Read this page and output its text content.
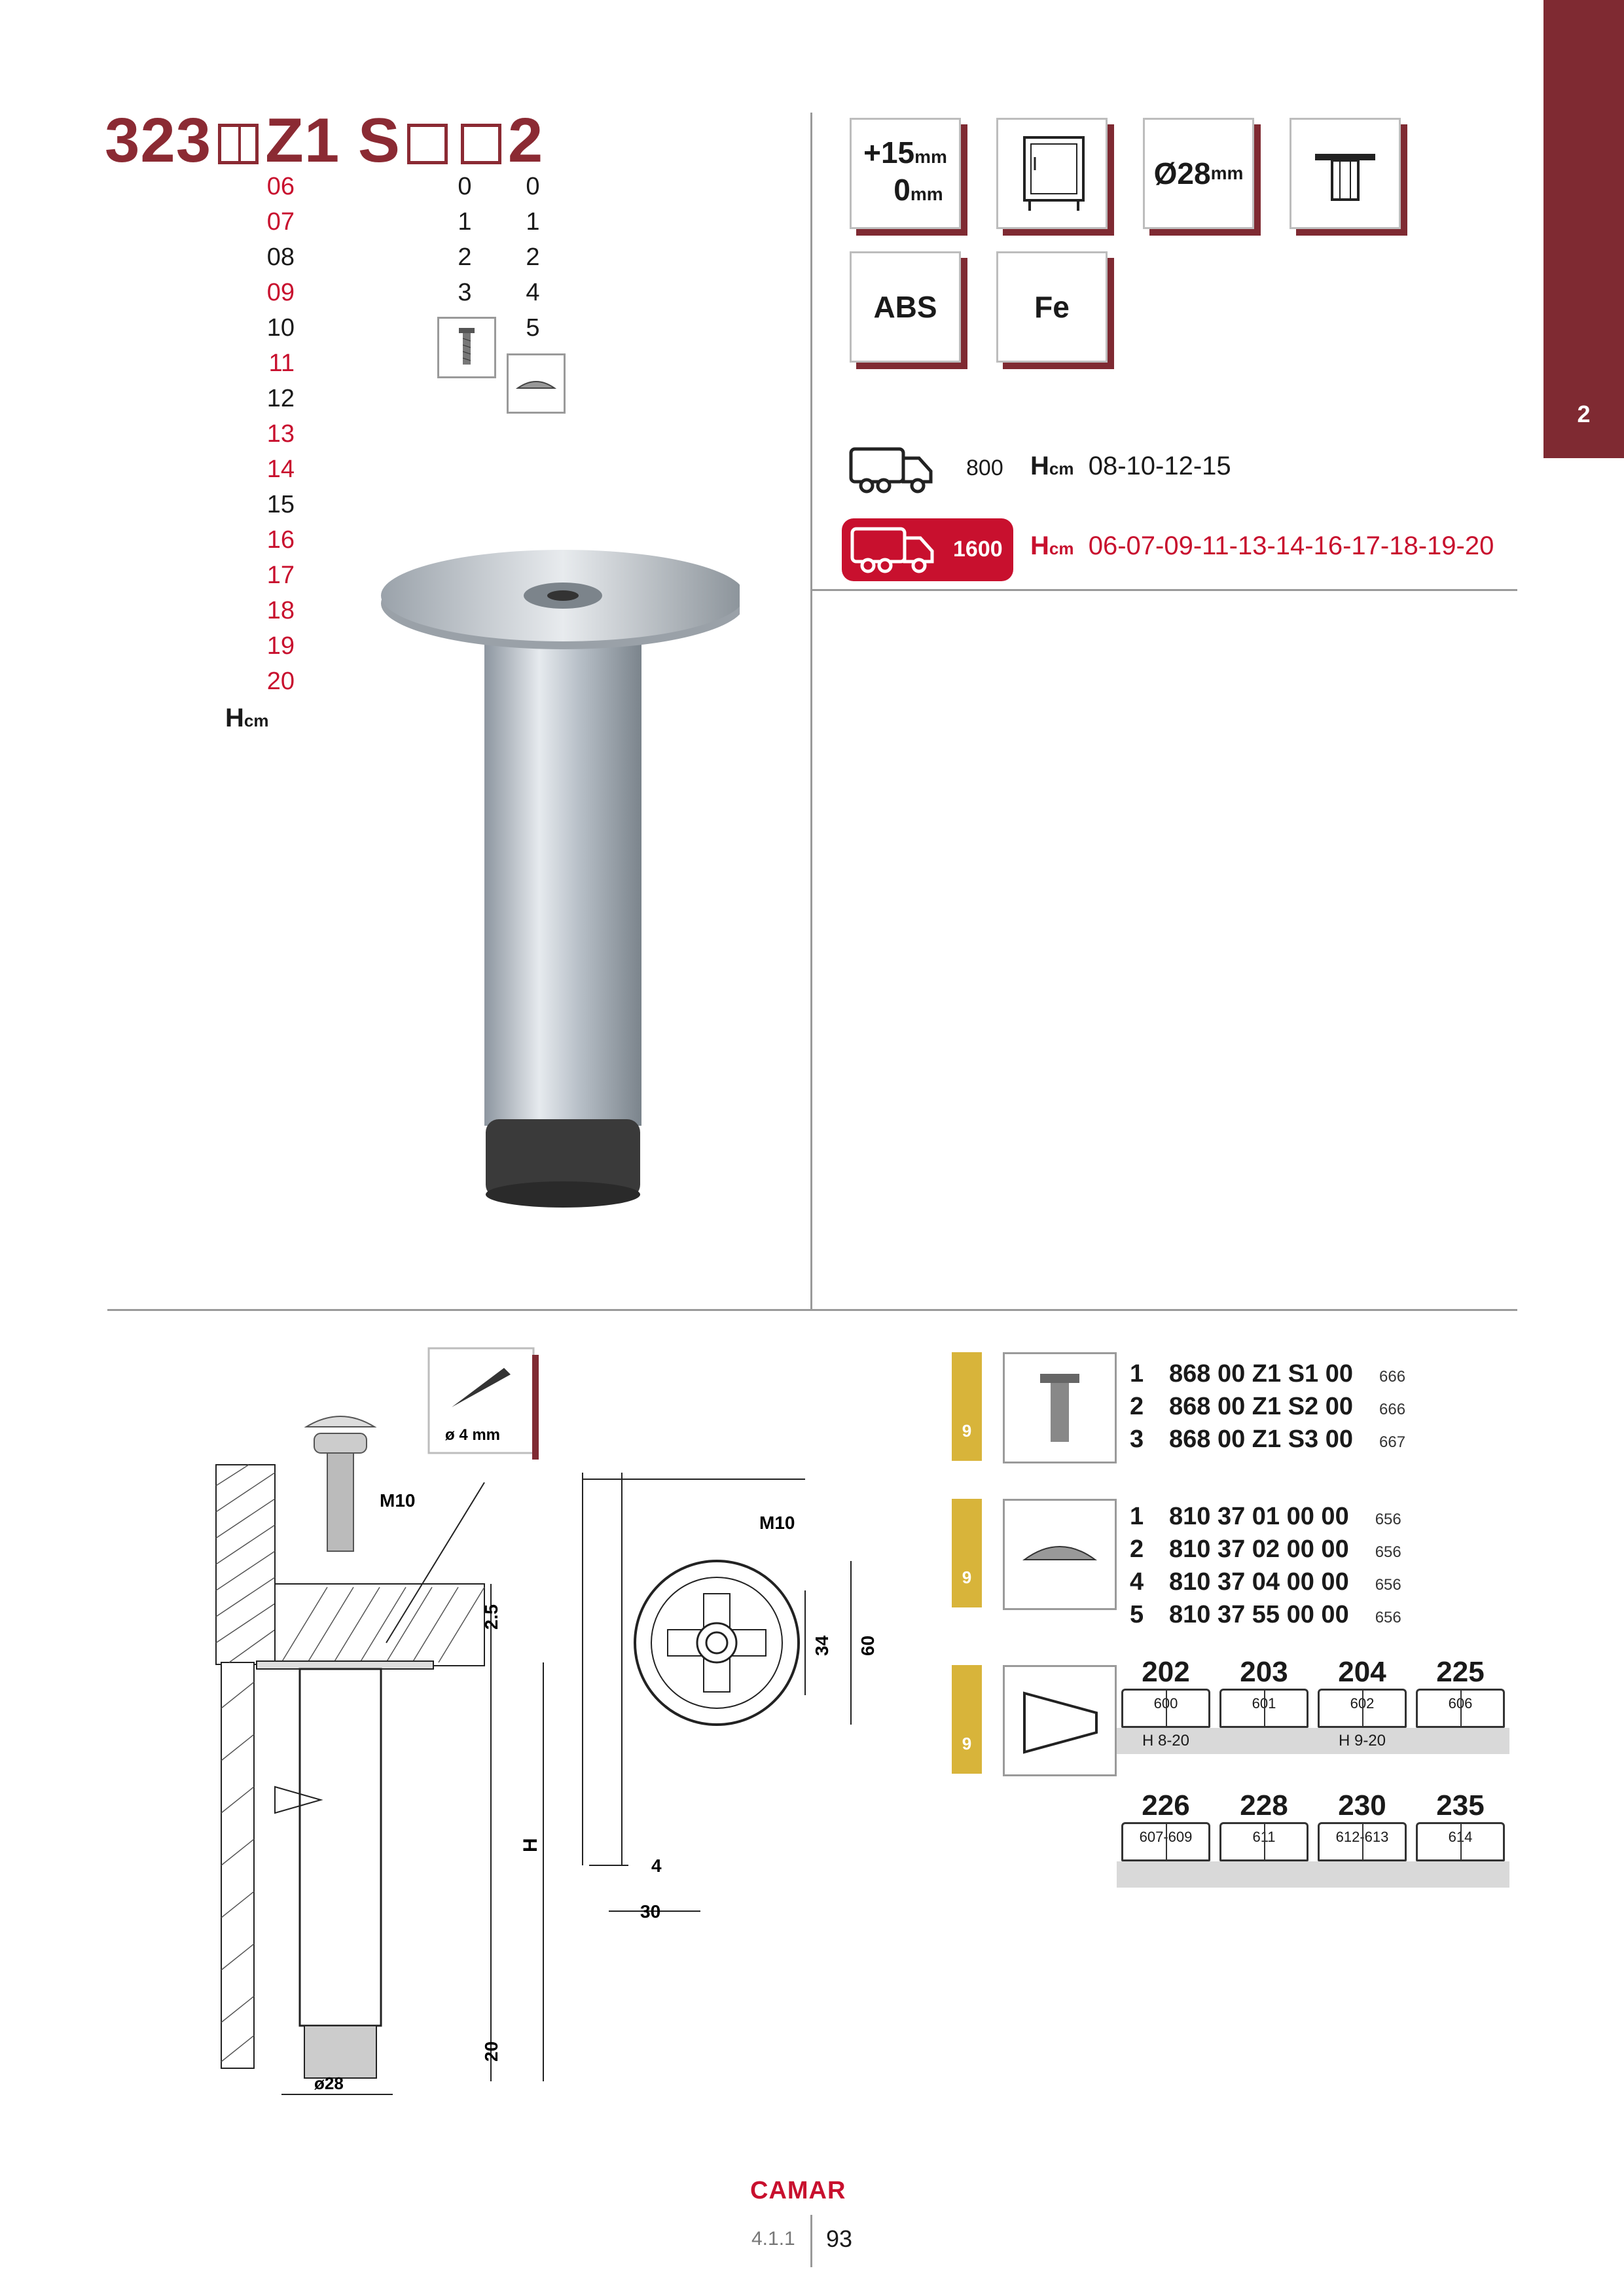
2
323 Z1 S 2
06
07
08
09
10
11
12
13
14
15
16
17
18
19
20
Hcm
0
1
2
3
0
1
2
4
5
+15mm
0mm
Ø28 mm
ABS	Fe
800 Hcm 08-10-12-15
1600 Hcm 06-07-09-11-13-14-16-17-18-19-20
M10
ø 4 mm
2.5
H
20
ø28
M10
34 60
4
30
9
1 868 00 Z1 S1 00 666
2 868 00 Z1 S2 00 666
3 868 00 Z1 S3 00 667
9
1 810 37 01 00 00 656
2 810 37 02 00 00 656
4 810 37 04 00 00 656
5 810 37 55 00 00 656
9
202
600
H 8-20
203
601
204
602
H 9-20
225
606
226
607-609
228
611
230
612-613
235
614
CAMAR
4.1.1 93
